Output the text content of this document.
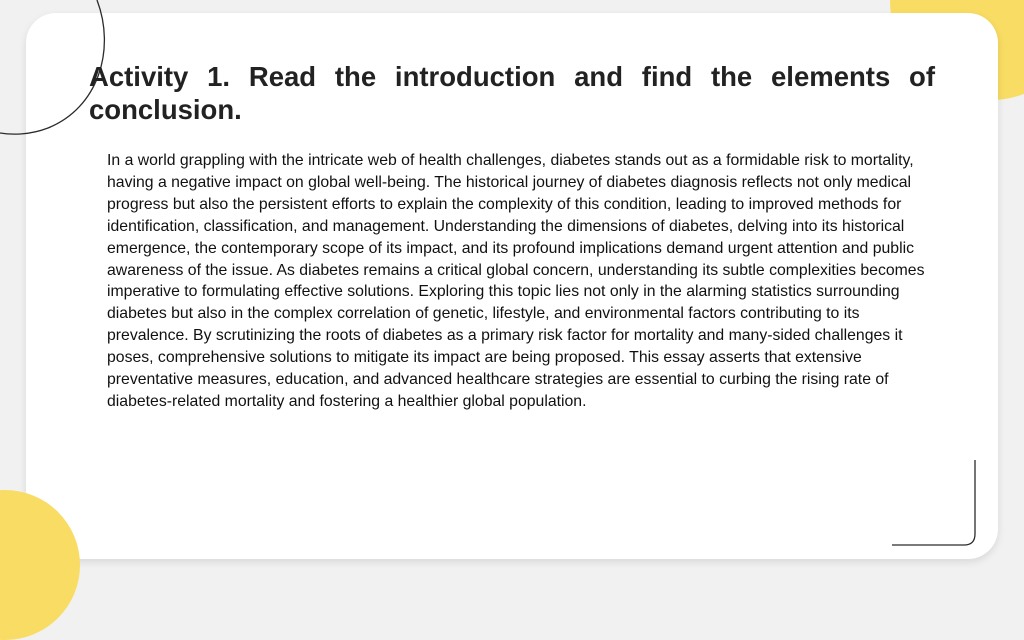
Activity 1. Read the introduction and find the elements of conclusion.

In a world grappling with the intricate web of health challenges, diabetes stands out as a formidable risk to mortality, having a negative impact on global well-being. The historical journey of diabetes diagnosis reflects not only medical progress but also the persistent efforts to explain the complexity of this condition, leading to improved methods for identification, classification, and management. Understanding the dimensions of diabetes, delving into its historical emergence, the contemporary scope of its impact, and its profound implications demand urgent attention and public awareness of the issue. As diabetes remains a critical global concern, understanding its subtle complexities becomes imperative to formulating effective solutions. Exploring this topic lies not only in the alarming statistics surrounding diabetes but also in the complex correlation of genetic, lifestyle, and environmental factors contributing to its prevalence. By scrutinizing the roots of diabetes as a primary risk factor for mortality and many-sided challenges it poses, comprehensive solutions to mitigate its impact are being proposed. This essay asserts that extensive preventative measures, education, and advanced healthcare strategies are essential to curbing the rising rate of diabetes-related mortality and fostering a healthier global population.
